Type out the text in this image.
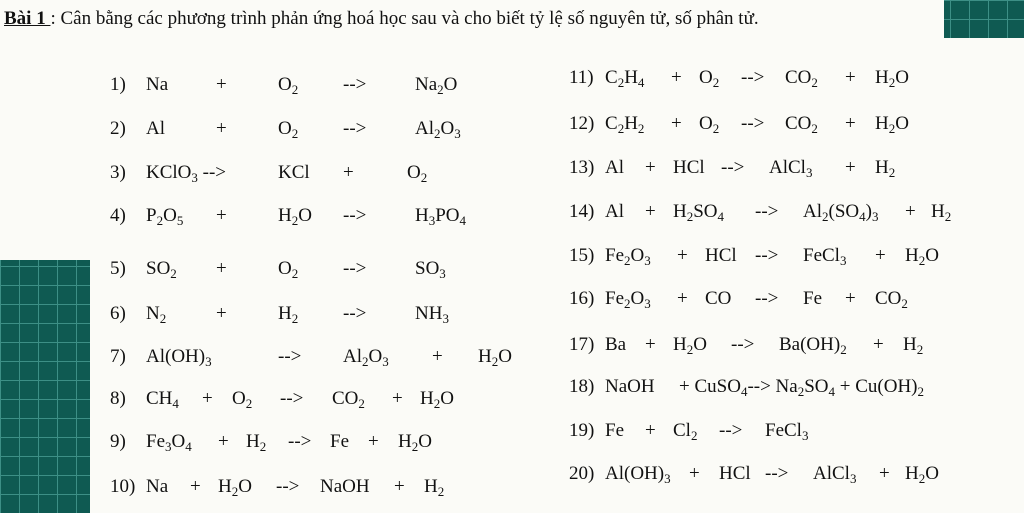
Bài 1 : Cân bằng các phương trình phản ứng hoá học sau và cho biết tỷ lệ số nguyên tử, số phân tử.
1) Na	+	$O_2$ -->	$Na_2O$
2) Al	+	$O_2$ -->	$Al_2O_3$
3) KClO$_3$ -->	KCl +	$O_2$
4) $P_2O_5$ +	$H_2O$ -->	$H_3PO_4$
5) $SO_2$ +	$O_2$ -->	$SO_3$
6) $N_2$	+	$H_2$ -->	$NH_3$
7) $Al(OH)_3$	--> $Al_2O_3 + H_2O$
8) $CH_4 + O_2$ --> $CO_2 + H_2O$
9) $Fe_3O_4 + H_2$ --> $Fe + H_2O$
10) $Na + H_2O$ --> NaOH + $H_2$
11) $C_2H_4 + O_2$ --> $CO_2 + H_2O$
12) $C_2H_2 + O_2$ --> $CO_2 + H_2O$
13) Al + HCl --> AlCl$_3$ + $H_2$
14) $Al + H_2SO_4$ --> $Al_2(SO_4)_3 + H_2$
15) $Fe_2O_3$ + HCl --> FeCl$_3$ + $H_2O$
16) $Fe_2O_3$ + CO --> $Fe + CO_2$
17) $Ba + H_2O$ --> $Ba(OH)_2 + H_2$
18) NaOH + CuSO$_4$--> $Na_2SO_4 + Cu(OH)_2$
19) $Fe + Cl_2$ --> FeCl$_3$
20) $Al(OH)_3$ + HCl --> AlCl$_3$ + $H_2O$
